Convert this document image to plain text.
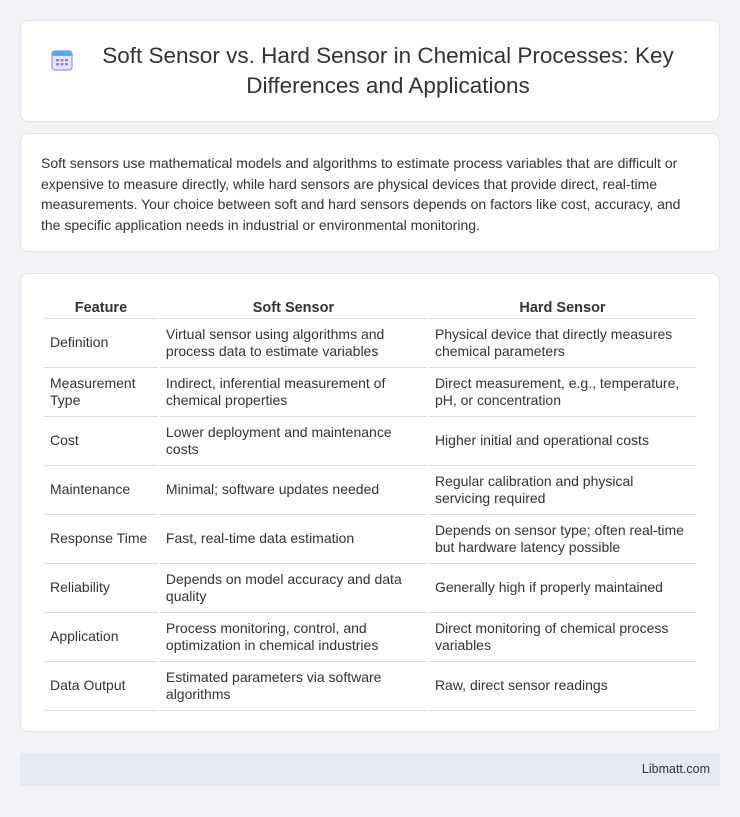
Soft Sensor vs. Hard Sensor in Chemical Processes: Key Differences and Applications

Soft sensors use mathematical models and algorithms to estimate process variables that are difficult or expensive to measure directly, while hard sensors are physical devices that provide direct, real-time measurements. Your choice between soft and hard sensors depends on factors like cost, accuracy, and the specific application needs in industrial or environmental monitoring.

Feature	Soft Sensor	Hard Sensor
Definition	Virtual sensor using algorithms and process data to estimate variables	Physical device that directly measures chemical parameters
Measurement Type	Indirect, inferential measurement of chemical properties	Direct measurement, e.g., temperature, pH, or concentration
Cost	Lower deployment and maintenance costs	Higher initial and operational costs
Maintenance	Minimal; software updates needed	Regular calibration and physical servicing required
Response Time	Fast, real-time data estimation	Depends on sensor type; often real-time but hardware latency possible
Reliability	Depends on model accuracy and data quality	Generally high if properly maintained
Application	Process monitoring, control, and optimization in chemical industries	Direct monitoring of chemical process variables
Data Output	Estimated parameters via software algorithms	Raw, direct sensor readings
Libmatt.com
